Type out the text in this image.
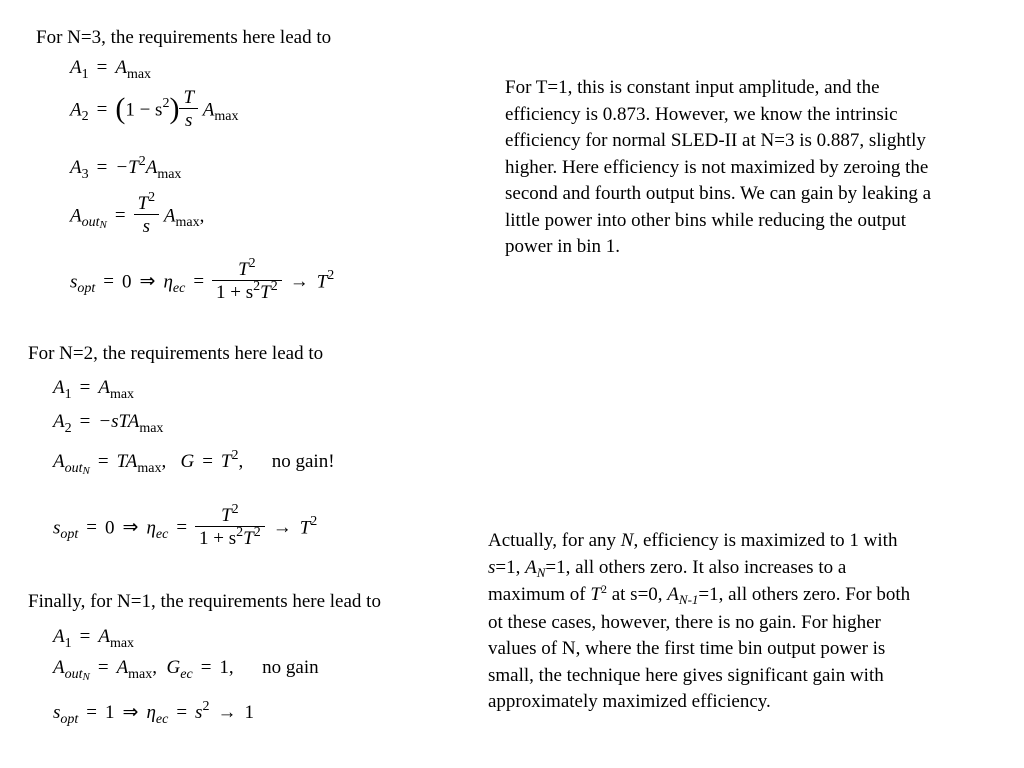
For N=3, the requirements here lead to
$A_1 = A_{max}$
$A_2 = (1 - s^2) \frac{T}{s} A_{max}$
$A_3 = -T^2A_{max}$
$A_{outN} = \frac{T^2}{s} A_{max}$,
$s_{opt} = 0$ ⇒ $\eta_{ec} = \frac{T^2}{1 + s^2T^2} \to T^2$
For T=1, this is constant input amplitude, and the efficiency is 0.873. However, we know the intrinsic efficiency for normal SLED-II at N=3 is 0.887, slightly higher. Here efficiency is not maximized by zeroing the second and fourth output bins. We can gain by leaking a little power into other bins while reducing the output power in bin 1.
For N=2, the requirements here lead to
$A_1 = A_{max}$
$A_2 = -sTA_{max}$
$A_{outN} = TA_{max}$,   $G = T^2$,      no gain!
$s_{opt} = 0$ ⇒ $\eta_{ec} = \frac{T^2}{1 + s^2T^2} \to T^2$
Finally, for N=1, the requirements here lead to
$A_1 = A_{max}$
$A_{outN} = A_{max}$,  $G_{ec} = 1$, no gain
$s_{opt} = 1$ ⇒ $\eta_{ec} = s^2 \to 1$
Actually, for any N, efficiency is maximized to 1 with
s=1, $A_N=1$, all others zero. It also increases to a
maximum of $T^2$ at s=0, $A_{N-1}=1$, all others zero. For both
ot these cases, however, there is no gain. For higher
values of N, where the first time bin output power is
small, the technique here gives significant gain with
approximately maximized efficiency.
